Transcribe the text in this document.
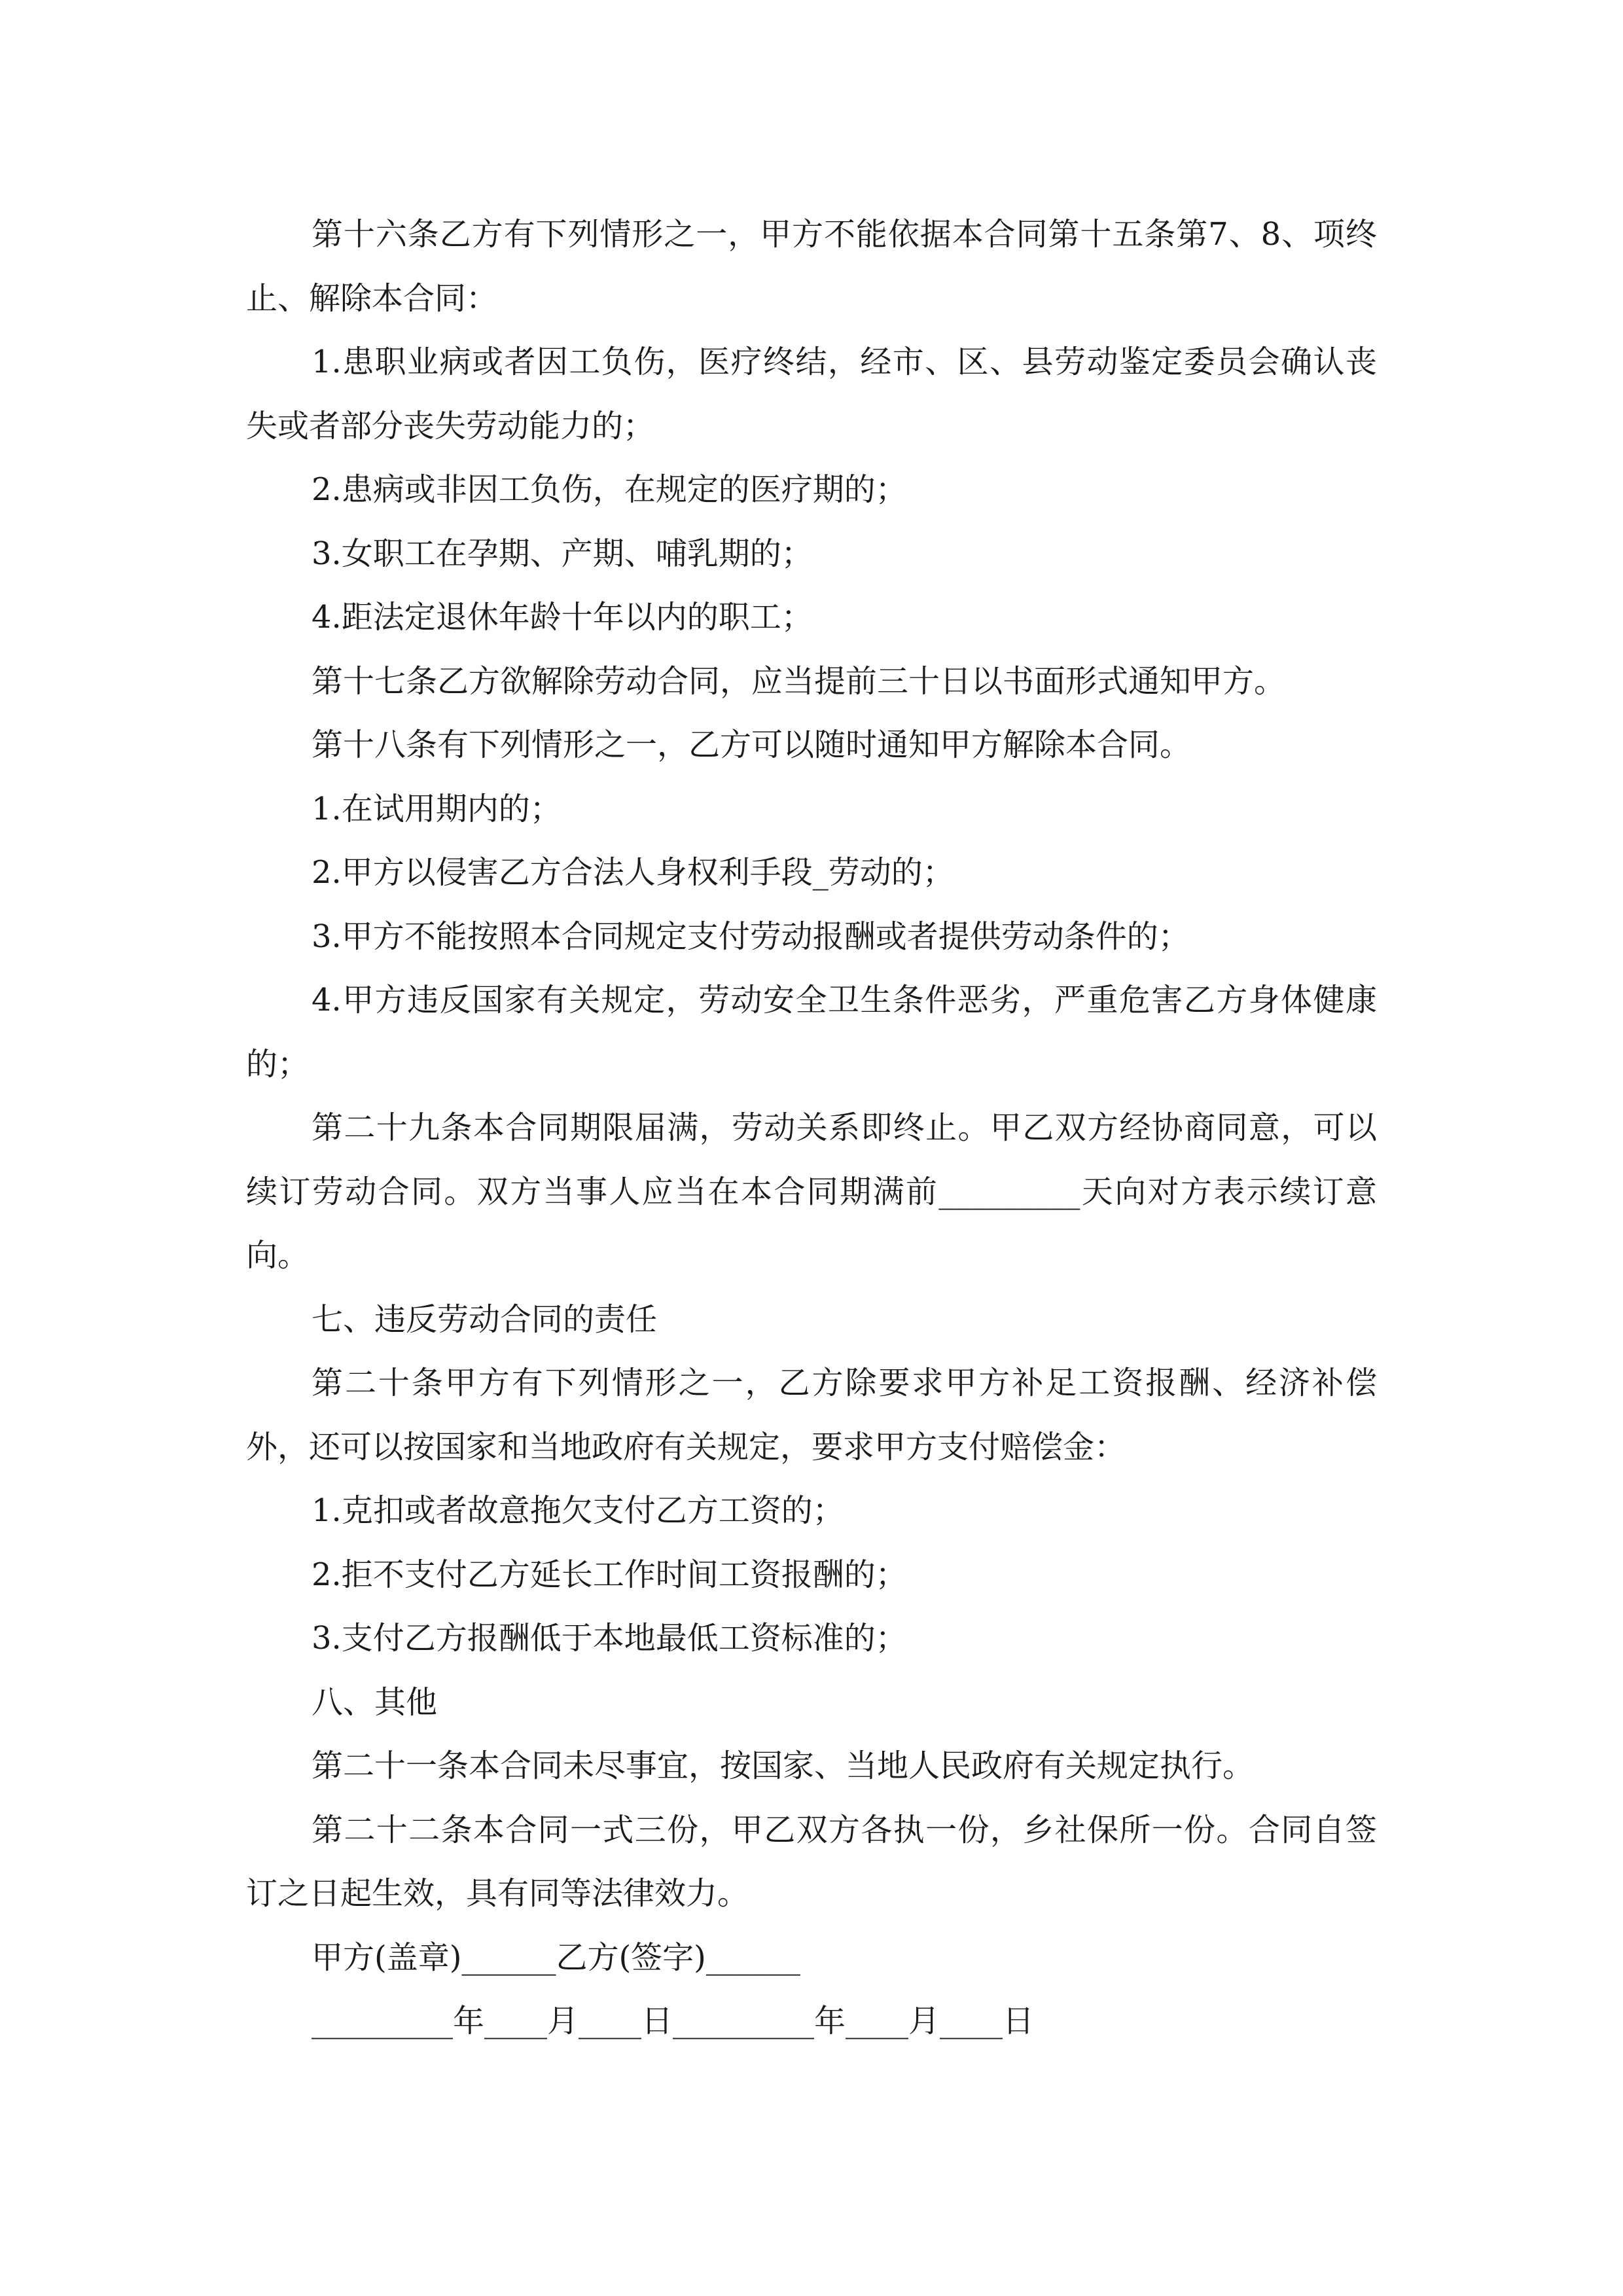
第十六条乙方有下列情形之一，甲方不能依据本合同第十五条第7、8、项终止、解除本合同：

1.患职业病或者因工负伤，医疗终结，经市、区、县劳动鉴定委员会确认丧失或者部分丧失劳动能力的；

2.患病或非因工负伤，在规定的医疗期的；

3.女职工在孕期、产期、哺乳期的；

4.距法定退休年龄十年以内的职工；

第十七条乙方欲解除劳动合同，应当提前三十日以书面形式通知甲方。

第十八条有下列情形之一，乙方可以随时通知甲方解除本合同。

1.在试用期内的；

2.甲方以侵害乙方合法人身权利手段_劳动的；

3.甲方不能按照本合同规定支付劳动报酬或者提供劳动条件的；

4.甲方违反国家有关规定，劳动安全卫生条件恶劣，严重危害乙方身体健康的；

第二十九条本合同期限届满，劳动关系即终止。甲乙双方经协商同意，可以续订劳动合同。双方当事人应当在本合同期满前_________天向对方表示续订意向。

七、违反劳动合同的责任

第二十条甲方有下列情形之一，乙方除要求甲方补足工资报酬、经济补偿外，还可以按国家和当地政府有关规定，要求甲方支付赔偿金：

1.克扣或者故意拖欠支付乙方工资的；

2.拒不支付乙方延长工作时间工资报酬的；

3.支付乙方报酬低于本地最低工资标准的；

八、其他

第二十一条本合同未尽事宜，按国家、当地人民政府有关规定执行。

第二十二条本合同一式三份，甲乙双方各执一份，乡社保所一份。合同自签订之日起生效，具有同等法律效力。

甲方(盖章)______乙方(签字)______

_________年____月____日_________年____月____日
